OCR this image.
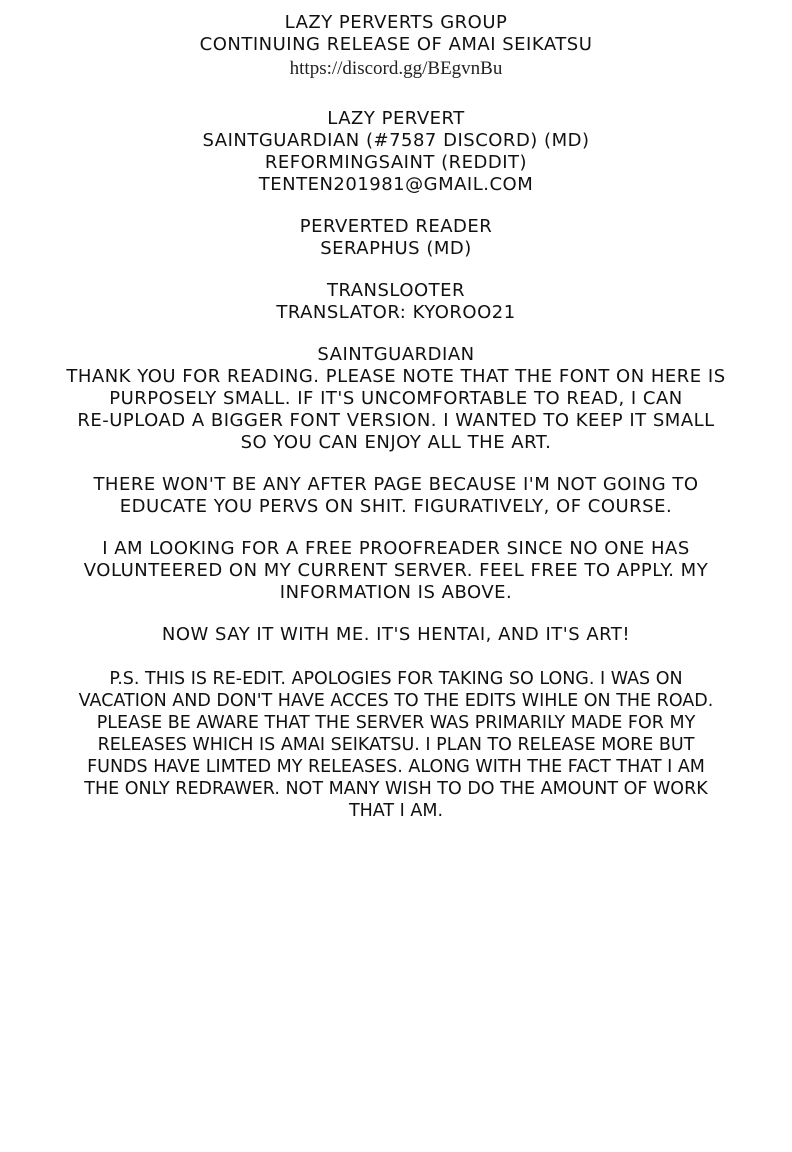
LAZY PERVERTS GROUP
CONTINUING RELEASE OF AMAI SEIKATSU
https://discord.gg/BEgvnBu
LAZY PERVERT
SAINTGUARDIAN (#7587 DISCORD) (MD)
REFORMINGSAINT (REDDIT)
TENTEN201981@GMAIL.COM
PERVERTED READER
SERAPHUS (MD)
TRANSLOOTER
TRANSLATOR: KYOROO21
SAINTGUARDIAN
THANK YOU FOR READING. PLEASE NOTE THAT THE FONT ON HERE IS
PURPOSELY SMALL. IF IT'S UNCOMFORTABLE TO READ, I CAN
RE-UPLOAD A BIGGER FONT VERSION. I WANTED TO KEEP IT SMALL
SO YOU CAN ENJOY ALL THE ART.
THERE WON'T BE ANY AFTER PAGE BECAUSE I'M NOT GOING TO
EDUCATE YOU PERVS ON SHIT. FIGURATIVELY, OF COURSE.
I AM LOOKING FOR A FREE PROOFREADER SINCE NO ONE HAS
VOLUNTEERED ON MY CURRENT SERVER. FEEL FREE TO APPLY. MY
INFORMATION IS ABOVE.
NOW SAY IT WITH ME. IT'S HENTAI, AND IT'S ART!
P.S. THIS IS RE-EDIT. APOLOGIES FOR TAKING SO LONG. I WAS ON
VACATION AND DON'T HAVE ACCES TO THE EDITS WIHLE ON THE ROAD.
PLEASE BE AWARE THAT THE SERVER WAS PRIMARILY MADE FOR MY
RELEASES WHICH IS AMAI SEIKATSU. I PLAN TO RELEASE MORE BUT
FUNDS HAVE LIMTED MY RELEASES. ALONG WITH THE FACT THAT I AM
THE ONLY REDRAWER. NOT MANY WISH TO DO THE AMOUNT OF WORK
THAT I AM.
